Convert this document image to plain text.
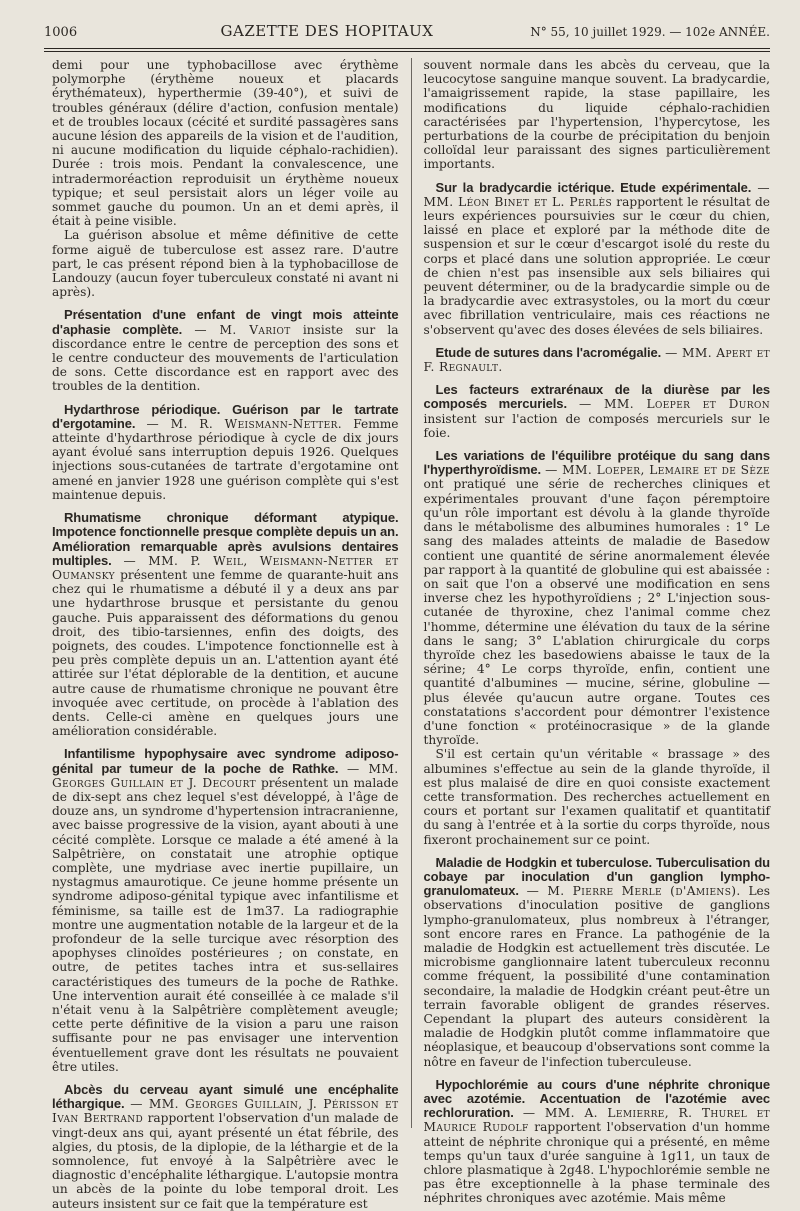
1006	GAZETTE DES HOPITAUX	N° 55, 10 juillet 1929. — 102e ANNÉE.

demi pour une typhobacillose avec érythème polymorphe (érythème noueux et placards érythémateux), hyperthermie (39-40°), et suivi de troubles généraux (délire d'action, confusion mentale) et de troubles locaux (cécité et surdité passagères sans aucune lésion des appareils de la vision et de l'audition, ni aucune modification du liquide céphalo-rachidien). Durée : trois mois. Pendant la convalescence, une intradermoréaction reproduisit un érythème noueux typique; et seul persistait alors un léger voile au sommet gauche du poumon. Un an et demi après, il était à peine visible.

La guérison absolue et même définitive de cette forme aiguë de tuberculose est assez rare. D'autre part, le cas présent répond bien à la typhobacillose de Landouzy (aucun foyer tuberculeux constaté ni avant ni après).

Présentation d'une enfant de vingt mois atteinte d'aphasie complète. — M. Variot insiste sur la discordance entre le centre de perception des sons et le centre conducteur des mouvements de l'articulation de sons. Cette discordance est en rapport avec des troubles de la dentition.

Hydarthrose périodique. Guérison par le tartrate d'ergotamine. — M. R. Weismann-Netter. Femme atteinte d'hydarthrose périodique à cycle de dix jours ayant évolué sans interruption depuis 1926. Quelques injections sous-cutanées de tartrate d'ergotamine ont amené en janvier 1928 une guérison complète qui s'est maintenue depuis.

Rhumatisme chronique déformant atypique. Impotence fonctionnelle presque complète depuis un an. Amélioration remarquable après avulsions dentaires multiples. — MM. P. Weil, Weismann-Netter et Oumansky présentent une femme de quarante-huit ans chez qui le rhumatisme a débuté il y a deux ans par une hydarthrose brusque et persistante du genou gauche. Puis apparaissent des déformations du genou droit, des tibio-tarsiennes, enfin des doigts, des poignets, des coudes. L'impotence fonctionnelle est à peu près complète depuis un an. L'attention ayant été attirée sur l'état déplorable de la dentition, et aucune autre cause de rhumatisme chronique ne pouvant être invoquée avec certitude, on procède à l'ablation des dents. Celle-ci amène en quelques jours une amélioration considérable.

Infantilisme hypophysaire avec syndrome adiposo-génital par tumeur de la poche de Rathke. — MM. Georges Guillain et J. Decourt présentent un malade de dix-sept ans chez lequel s'est développé, à l'âge de douze ans, un syndrome d'hypertension intracranienne, avec baisse progressive de la vision, ayant abouti à une cécité complète. Lorsque ce malade a été amené à la Salpêtrière, on constatait une atrophie optique complète, une mydriase avec inertie pupillaire, un nystagmus amaurotique. Ce jeune homme présente un syndrome adiposo-génital typique avec infantilisme et féminisme, sa taille est de 1m37. La radiographie montre une augmentation notable de la largeur et de la profondeur de la selle turcique avec résorption des apophyses clinoïdes postérieures ; on constate, en outre, de petites taches intra et sus-sellaires caractéristiques des tumeurs de la poche de Rathke. Une intervention aurait été conseillée à ce malade s'il n'était venu à la Salpêtrière complètement aveugle; cette perte définitive de la vision a paru une raison suffisante pour ne pas envisager une intervention éventuellement grave dont les résultats ne pouvaient être utiles.

Abcès du cerveau ayant simulé une encéphalite léthargique. — MM. Georges Guillain, J. Périsson et Ivan Bertrand rapportent l'observation d'un malade de vingt-deux ans qui, ayant présenté un état fébrile, des algies, du ptosis, de la diplopie, de la léthargie et de la somnolence, fut envoyé à la Salpêtrière avec le diagnostic d'encéphalite léthargique. L'autopsie montra un abcès de la pointe du lobe temporal droit. Les auteurs insistent sur ce fait que la température est

souvent normale dans les abcès du cerveau, que la leucocytose sanguine manque souvent. La bradycardie, l'amaigrissement rapide, la stase papillaire, les modifications du liquide céphalo-rachidien caractérisées par l'hypertension, l'hypercytose, les perturbations de la courbe de précipitation du benjoin colloïdal leur paraissant des signes particulièrement importants.

Sur la bradycardie ictérique. Etude expérimentale. — MM. Léon Binet et L. Perlès rapportent le résultat de leurs expériences poursuivies sur le cœur du chien, laissé en place et exploré par la méthode dite de suspension et sur le cœur d'escargot isolé du reste du corps et placé dans une solution appropriée. Le cœur de chien n'est pas insensible aux sels biliaires qui peuvent déterminer, ou de la bradycardie simple ou de la bradycardie avec extrasystoles, ou la mort du cœur avec fibrillation ventriculaire, mais ces réactions ne s'observent qu'avec des doses élevées de sels biliaires.

Etude de sutures dans l'acromégalie. — MM. Apert et F. Regnault.

Les facteurs extrarénaux de la diurèse par les composés mercuriels. — MM. Loeper et Duron insistent sur l'action de composés mercuriels sur le foie.

Les variations de l'équilibre protéique du sang dans l'hyperthyroïdisme. — MM. Loeper, Lemaire et de Sèze ont pratiqué une série de recherches cliniques et expérimentales prouvant d'une façon péremptoire qu'un rôle important est dévolu à la glande thyroïde dans le métabolisme des albumines humorales : 1° Le sang des malades atteints de maladie de Basedow contient une quantité de sérine anormalement élevée par rapport à la quantité de globuline qui est abaissée : on sait que l'on a observé une modification en sens inverse chez les hypothyroïdiens ; 2° L'injection sous-cutanée de thyroxine, chez l'animal comme chez l'homme, détermine une élévation du taux de la sérine dans le sang; 3° L'ablation chirurgicale du corps thyroïde chez les basedowiens abaisse le taux de la sérine; 4° Le corps thyroïde, enfin, contient une quantité d'albumines — mucine, sérine, globuline — plus élevée qu'aucun autre organe. Toutes ces constatations s'accordent pour démontrer l'existence d'une fonction « protéinocrasique » de la glande thyroïde.

S'il est certain qu'un véritable « brassage » des albumines s'effectue au sein de la glande thyroïde, il est plus malaisé de dire en quoi consiste exactement cette transformation. Des recherches actuellement en cours et portant sur l'examen qualitatif et quantitatif du sang à l'entrée et à la sortie du corps thyroïde, nous fixeront prochainement sur ce point.

Maladie de Hodgkin et tuberculose. Tuberculisation du cobaye par inoculation d'un ganglion lympho-granulomateux. — M. Pierre Merle (d'Amiens). Les observations d'inoculation positive de ganglions lympho-granulomateux, plus nombreux à l'étranger, sont encore rares en France. La pathogénie de la maladie de Hodgkin est actuellement très discutée. Le microbisme ganglionnaire latent tuberculeux reconnu comme fréquent, la possibilité d'une contamination secondaire, la maladie de Hodgkin créant peut-être un terrain favorable obligent de grandes réserves. Cependant la plupart des auteurs considèrent la maladie de Hodgkin plutôt comme inflammatoire que néoplasique, et beaucoup d'observations sont comme la nôtre en faveur de l'infection tuberculeuse.

Hypochlorémie au cours d'une néphrite chronique avec azotémie. Accentuation de l'azotémie avec rechloruration. — MM. A. Lemierre, R. Thurel et Maurice Rudolf rapportent l'observation d'un homme atteint de néphrite chronique qui a présenté, en même temps qu'un taux d'urée sanguine à 1g11, un taux de chlore plasmatique à 2g48. L'hypochlorémie semble ne pas être exceptionnelle à la phase terminale des néphrites chroniques avec azotémie. Mais même
